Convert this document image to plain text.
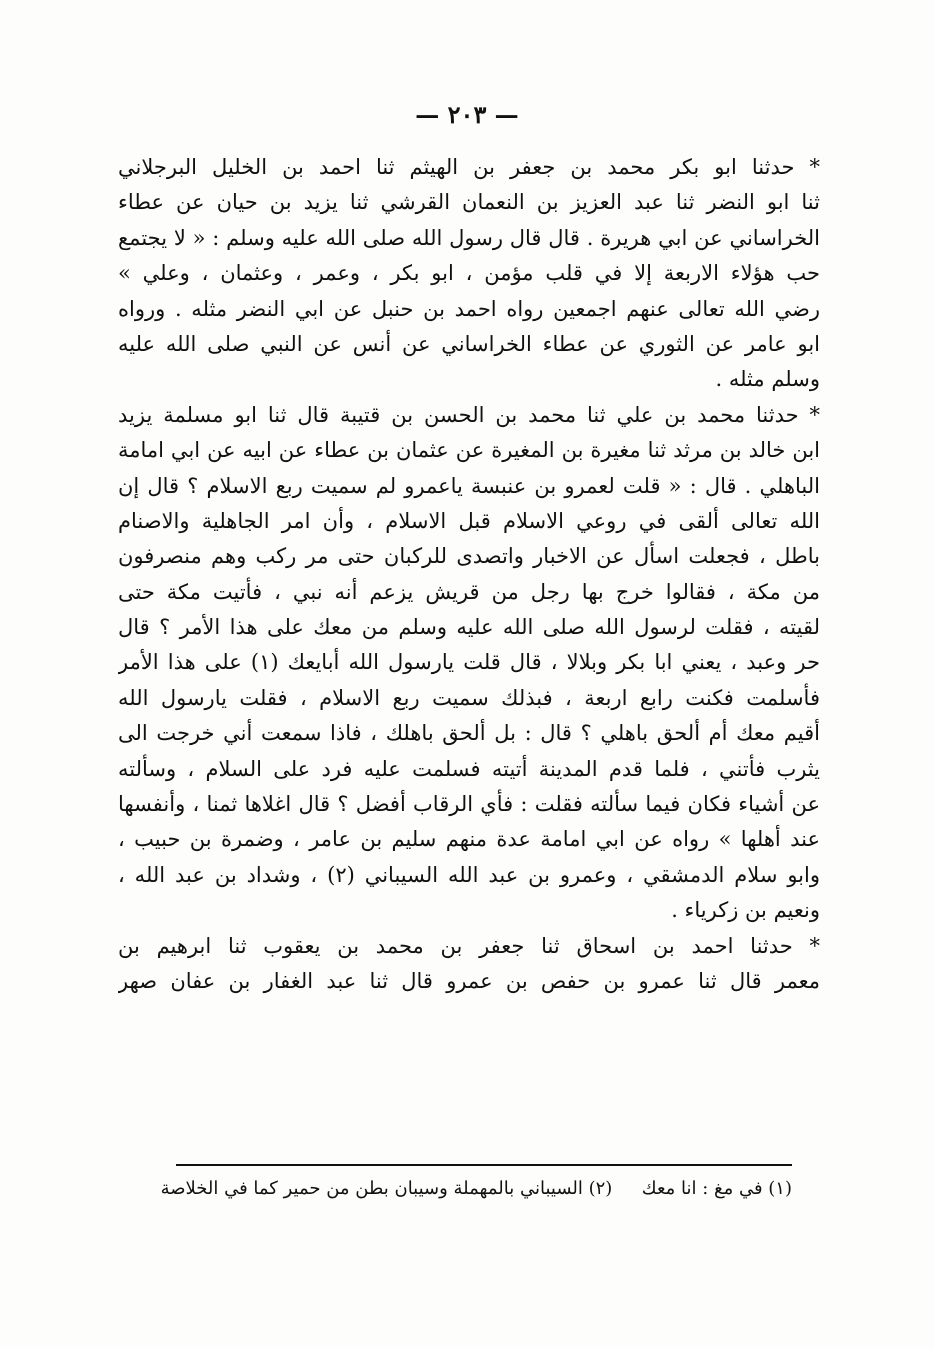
— ٢٠٣ —
* حدثنا ابو بكر محمد بن جعفر بن الهيثم ثنا احمد بن الخليل البرجلاني
ثنا ابو النضر ثنا عبد العزيز بن النعمان القرشي ثنا يزيد بن حيان عن عطاء
الخراساني عن ابي هريرة . قال قال رسول الله صلى الله عليه وسلم : « لا يجتمع
حب هؤلاء الاربعة إلا في قلب مؤمن ، ابو بكر ، وعمر ، وعثمان ، وعلي »
رضي الله تعالى عنهم اجمعين رواه احمد بن حنبل عن ابي النضر مثله . ورواه
ابو عامر عن الثوري عن عطاء الخراساني عن أنس عن النبي صلى الله عليه
وسلم مثله .
* حدثنا محمد بن علي ثنا محمد بن الحسن بن قتيبة قال ثنا ابو مسلمة يزيد
ابن خالد بن مرثد ثنا مغيرة بن المغيرة عن عثمان بن عطاء عن ابيه عن ابي امامة
الباهلي . قال : « قلت لعمرو بن عنبسة ياعمرو لم سميت ربع الاسلام ؟ قال إن
الله تعالى ألقى في روعي الاسلام قبل الاسلام ، وأن امر الجاهلية والاصنام
باطل ، فجعلت اسأل عن الاخبار واتصدى للركبان حتى مر ركب وهم منصرفون
من مكة ، فقالوا خرج بها رجل من قريش يزعم أنه نبي ، فأتيت مكة حتى
لقيته ، فقلت لرسول الله صلى الله عليه وسلم من معك على هذا الأمر ؟ قال
حر وعبد ، يعني ابا بكر وبلالا ، قال قلت يارسول الله أبايعك (١) على هذا الأمر
فأسلمت فكنت رابع اربعة ، فبذلك سميت ربع الاسلام ، فقلت يارسول الله
أقيم معك أم ألحق باهلي ؟ قال : بل ألحق باهلك ، فاذا سمعت أني خرجت الى
يثرب فأتني ، فلما قدم المدينة أتيته فسلمت عليه فرد على السلام ، وسألته
عن أشياء فكان فيما سألته فقلت : فأي الرقاب أفضل ؟ قال اغلاها ثمنا ، وأنفسها
عند أهلها » رواه عن ابي امامة عدة منهم سليم بن عامر ، وضمرة بن حبيب ،
وابو سلام الدمشقي ، وعمرو بن عبد الله السيباني (٢) ، وشداد بن عبد الله ،
ونعيم بن زكرياء .
* حدثنا احمد بن اسحاق ثنا جعفر بن محمد بن يعقوب ثنا ابرهيم بن
معمر قال ثنا عمرو بن حفص بن عمرو قال ثنا عبد الغفار بن عفان صهر
(١) في مغ : انا معك  (٢) السيباني بالمهملة وسيبان بطن من حمير كما في الخلاصة
